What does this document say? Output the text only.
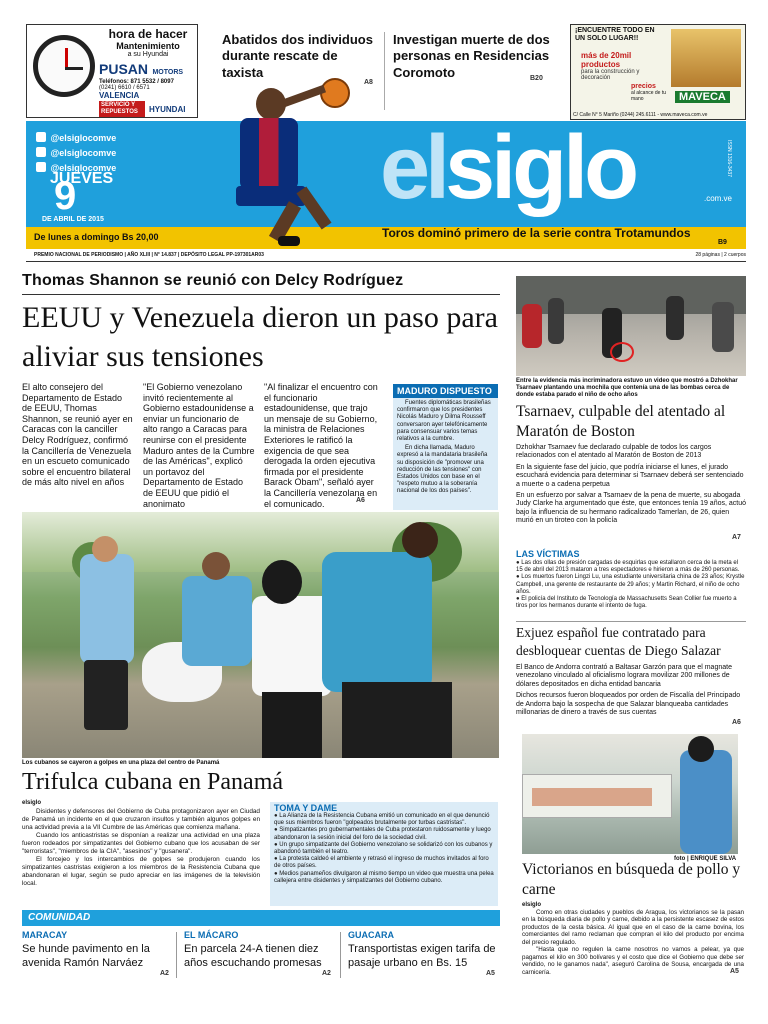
hora de hacer
Mantenimiento
a su Hyundai
PUSAN MOTORS
Teléfonos: 871 5532 / 8097
(0241) 6610 / 6571
VALENCIA
SERVICIO Y REPUESTOS	HYUNDAI
Abatidos dos individuos durante rescate de taxista
A8
Investigan muerte de dos personas en Residencias Coromoto	B20
¡ENCUENTRE TODO EN UN SOLO LUGAR!!
más de 20mil productos
para la construcción y decoración
precios
al alcance de tu mano	MAVECA
C/ Calle N° 5 Mariño (0244) 245.6111 - www.maveca.com.ve
@elsiglocomve
@elsiglocomve
@elsiglocomve
JUEVES
9
DE ABRIL DE 2015
elsiglo	.com.ve
ISSN 1316-3437
De lunes a domingo Bs 20,00	Toros dominó primero de la serie contra Trotamundos
B9
PREMIO NACIONAL DE PERIODISMO | AÑO XLIII | N° 14.837 | DEPÓSITO LEGAL PP-197301AR03	28 páginas | 2 cuerpos
Thomas Shannon se reunió con Delcy Rodríguez
EEUU y Venezuela dieron un paso para aliviar sus tensiones
El alto consejero del Departamento de Estado de EEUU, Thomas Shannon, se reunió ayer en Caracas con la canciller Delcy Rodríguez, confirmó la Cancillería de Venezuela en un escueto comunicado sobre el encuentro bilateral de más alto nivel en años
"El Gobierno venezolano invitó recientemente al Gobierno estadounidense a enviar un funcionario de alto rango a Caracas para reunirse con el presidente Maduro antes de la Cumbre de las Américas", explicó un portavoz del Departamento de Estado de EEUU que pidió el anonimato
"Al finalizar el encuentro con el funcionario estadounidense, que trajo un mensaje de su Gobierno, la ministra de Relaciones Exteriores le ratificó la exigencia de que sea derogada la orden ejecutiva firmada por el presidente Barack Obam", señaló ayer la Cancillería venezolana en el comunicado.	A6
MADURO DISPUESTO
Fuentes diplomáticas brasileñas confirmaron que los presidentes Nicolás Maduro y Dilma Rousseff conversaron ayer telefónicamente para consensuar varios temas relativos a la cumbre.
En dicha llamada, Maduro expresó a la mandataria brasileña su disposición de "promover una reducción de las tensiones" con Estados Unidos con base en el "respeto mutuo a la soberanía nacional de los dos países".
Los cubanos se cayeron a golpes en una plaza del centro de Panamá
Trifulca cubana en Panamá
elsiglo

Disidentes y defensores del Gobierno de Cuba protagonizaron ayer en Ciudad de Panamá un incidente en el que cruzaron insultos y también algunos golpes en una actividad previa a la VII Cumbre de las Américas que comienza mañana.

Cuando los anticastristas se disponían a realizar una actividad en una plaza fueron rodeados por simpatizantes del Gobierno cubano que los acusaban de ser "terroristas", "miembros de la CIA", "asesinos" y "gusanera".

El forcejeo y los intercambios de golpes se produjeron cuando los simpatizantes castristas exigieron a los miembros de la Resistencia Cubana que abandonaran el lugar, según se pudo apreciar en las imágenes de la televisión local.

TOMA Y DAME
● La Alianza de la Resistencia Cubana emitió un comunicado en el que denunció que sus miembros fueron "golpeados brutalmente por turbas castristas".
● Simpatizantes pro gubernamentales de Cuba protestaron ruidosamente y luego abandonaron la sesión inicial del foro de la sociedad civil.
● Un grupo simpatizante del Gobierno venezolano se solidarizó con los cubanos y abandonó también el teatro.
● La protesta caldeó el ambiente y retrasó el ingreso de muchos invitados al foro de otros países.
● Medios panameños divulgaron al mismo tiempo un video que muestra una pelea callejera entre disidentes y simpatizantes del Gobierno cubano.
Entre la evidencia más incriminadora estuvo un video que mostró a Dzhokhar Tsarnaev plantando una mochila que contenía una de las bombas cerca de donde estaba parado el niño de ocho años
Tsarnaev, culpable del atentado al Maratón de Boston

Dzhokhar Tsarnaev fue declarado culpable de todos los cargos relacionados con el atentado al Maratón de Boston de 2013

En la siguiente fase del juicio, que podría iniciarse el lunes, el jurado escuchará evidencia para determinar si Tsarnaev deberá ser sentenciado a muerte o a cadena perpetua

En un esfuerzo por salvar a Tsarnaev de la pena de muerte, su abogada Judy Clarke ha argumentado que éste, que entonces tenía 19 años, actuó bajo la influencia de su hermano radicalizado Tamerlan, de 26, quien murió en un tiroteo con la policía

A7
LAS VÍCTIMAS
● Las dos ollas de presión cargadas de esquirlas que estallaron cerca de la meta el 15 de abril del 2013 mataron a tres espectadores e hirieron a más de 260 personas.
● Los muertos fueron Lingzi Lu, una estudiante universitaria china de 23 años; Krystle Campbell, una gerente de restaurante de 29 años; y Martin Richard, el niño de ocho años.
● El policía del Instituto de Tecnología de Massachusetts Sean Collier fue muerto a tiros por los hermanos durante el intento de fuga.
Exjuez español fue contratado para desbloquear cuentas de Diego Salazar

El Banco de Andorra contrató a Baltasar Garzón para que el magnate venezolano vinculado al oficialismo lograra movilizar 200 millones de dólares depositados en dicha entidad bancaria

Dichos recursos fueron bloqueados por orden de Fiscalía del Principado de Andorra bajo la sospecha de que Salazar blanqueaba cantidades millonarias de dinero a través de sus cuentas

A6
foto | ENRIQUE SILVA
Victorianos en búsqueda de pollo y carne
elsiglo

Como en otras ciudades y pueblos de Aragua, los victorianos se la pasan en la búsqueda diaria de pollo y carne, debido a la persistente escasez de estos productos de la cesta básica. Al igual que en el caso de la carne bovina, los comerciantes del ramo reclaman que compran el kilo del producto por encima del precio regulado.

"Hasta que no regulen la carne nosotros no vamos a pelear, ya que pagamos el kilo en 300 bolívares y el costo que dice el Gobierno que debe ser vendido, no le ganamos nada", aseguró Carolina de Sousa, encargada de una carnicería.	A5
COMUNIDAD
MARACAY
Se hunde pavimento en la avenida Ramón Narváez
A2
EL MÁCARO
En parcela 24-A tienen diez años escuchando promesas
A2
GUACARA
Transportistas exigen tarifa de pasaje urbano en Bs. 15
A5
